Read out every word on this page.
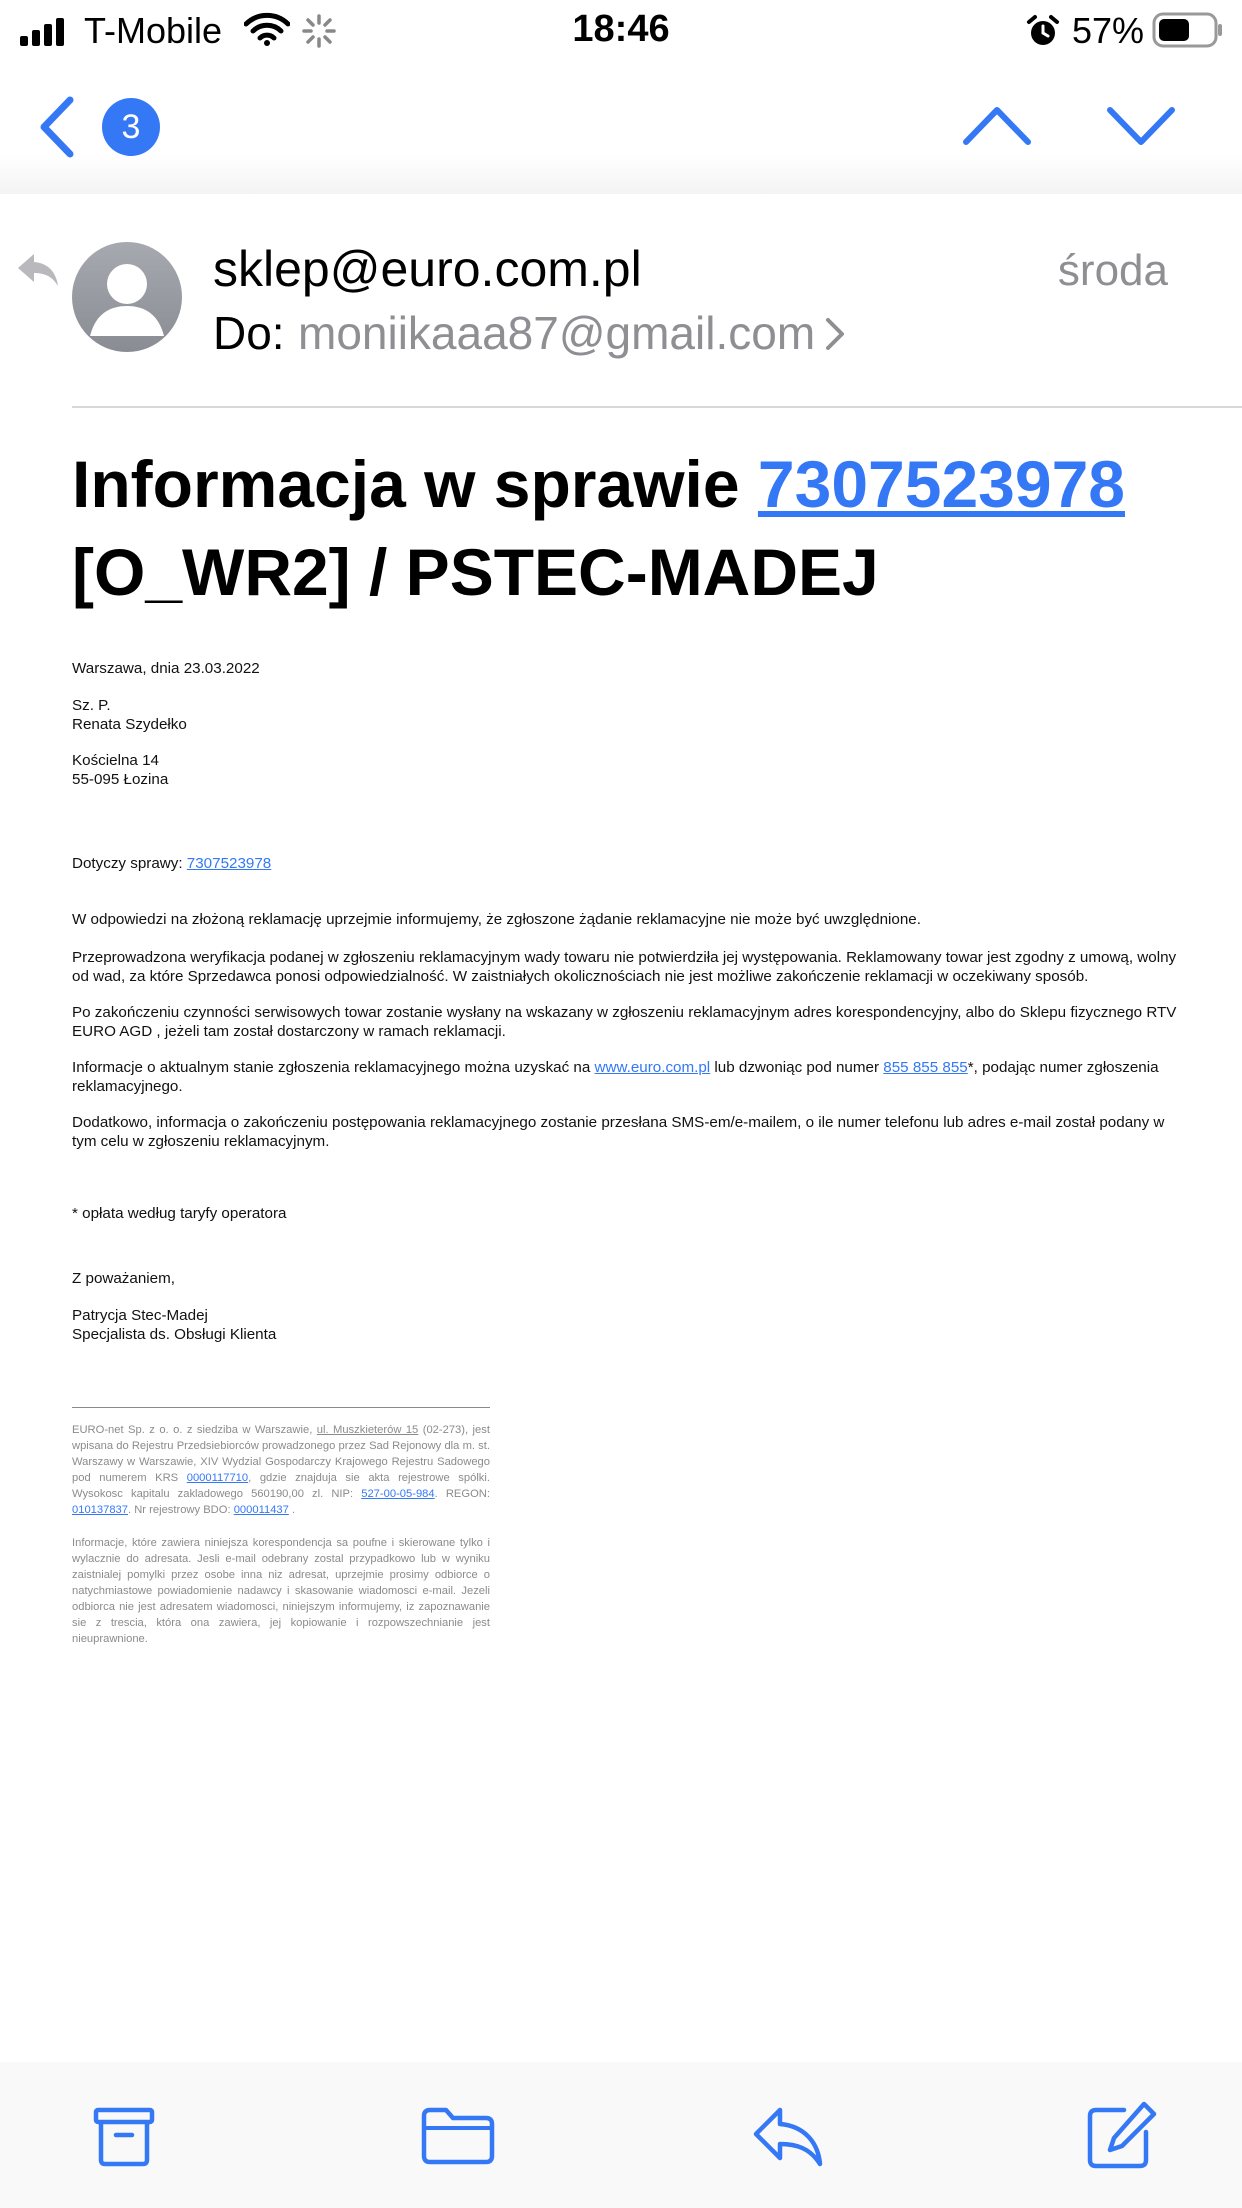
T-Mobile	18:46	57%
3
sklep@euro.com.pl	środa
Do: moniikaaa87@gmail.com
Informacja w sprawie 7307523978
[O_WR2] / PSTEC-MADEJ
Warszawa, dnia 23.03.2022
Sz. P.
Renata Szydełko
Kościelna 14
55-095 Łozina
Dotyczy sprawy: 7307523978
W odpowiedzi na złożoną reklamację uprzejmie informujemy, że zgłoszone żądanie reklamacyjne nie może być uwzględnione.
Przeprowadzona weryfikacja podanej w zgłoszeniu reklamacyjnym wady towaru nie potwierdziła jej występowania. Reklamowany towar jest zgodny z umową, wolny od wad, za które Sprzedawca ponosi odpowiedzialność. W zaistniałych okolicznościach nie jest możliwe zakończenie reklamacji w oczekiwany sposób.
Po zakończeniu czynności serwisowych towar zostanie wysłany na wskazany w zgłoszeniu reklamacyjnym adres korespondencyjny, albo do Sklepu fizycznego RTV EURO AGD , jeżeli tam został dostarczony w ramach reklamacji.
Informacje o aktualnym stanie zgłoszenia reklamacyjnego można uzyskać na www.euro.com.pl lub dzwoniąc pod numer 855 855 855*, podając numer zgłoszenia reklamacyjnego.
Dodatkowo, informacja o zakończeniu postępowania reklamacyjnego zostanie przesłana SMS-em/e-mailem, o ile numer telefonu lub adres e-mail został podany w tym celu w zgłoszeniu reklamacyjnym.
* opłata według taryfy operatora
Z poważaniem,
Patrycja Stec-Madej
Specjalista ds. Obsługi Klienta
EURO-net Sp. z o. o. z siedziba w Warszawie, ul. Muszkieterów 15 (02-273), jest wpisana do Rejestru Przedsiebiorców prowadzonego przez Sad Rejonowy dla m. st. Warszawy w Warszawie, XIV Wydzial Gospodarczy Krajowego Rejestru Sadowego pod numerem KRS 0000117710, gdzie znajduja sie akta rejestrowe spólki. Wysokosc kapitalu zakladowego 560190,00 zl. NIP: 527-00-05-984. REGON: 010137837. Nr rejestrowy BDO: 000011437 .
Informacje, które zawiera niniejsza korespondencja sa poufne i skierowane tylko i wylacznie do adresata. Jesli e-mail odebrany zostal przypadkowo lub w wyniku zaistnialej pomylki przez osobe inna niz adresat, uprzejmie prosimy odbiorce o natychmiastowe powiadomienie nadawcy i skasowanie wiadomosci e-mail. Jezeli odbiorca nie jest adresatem wiadomosci, niniejszym informujemy, iz zapoznawanie sie z trescia, która ona zawiera, jej kopiowanie i rozpowszechnianie jest nieuprawnione.
